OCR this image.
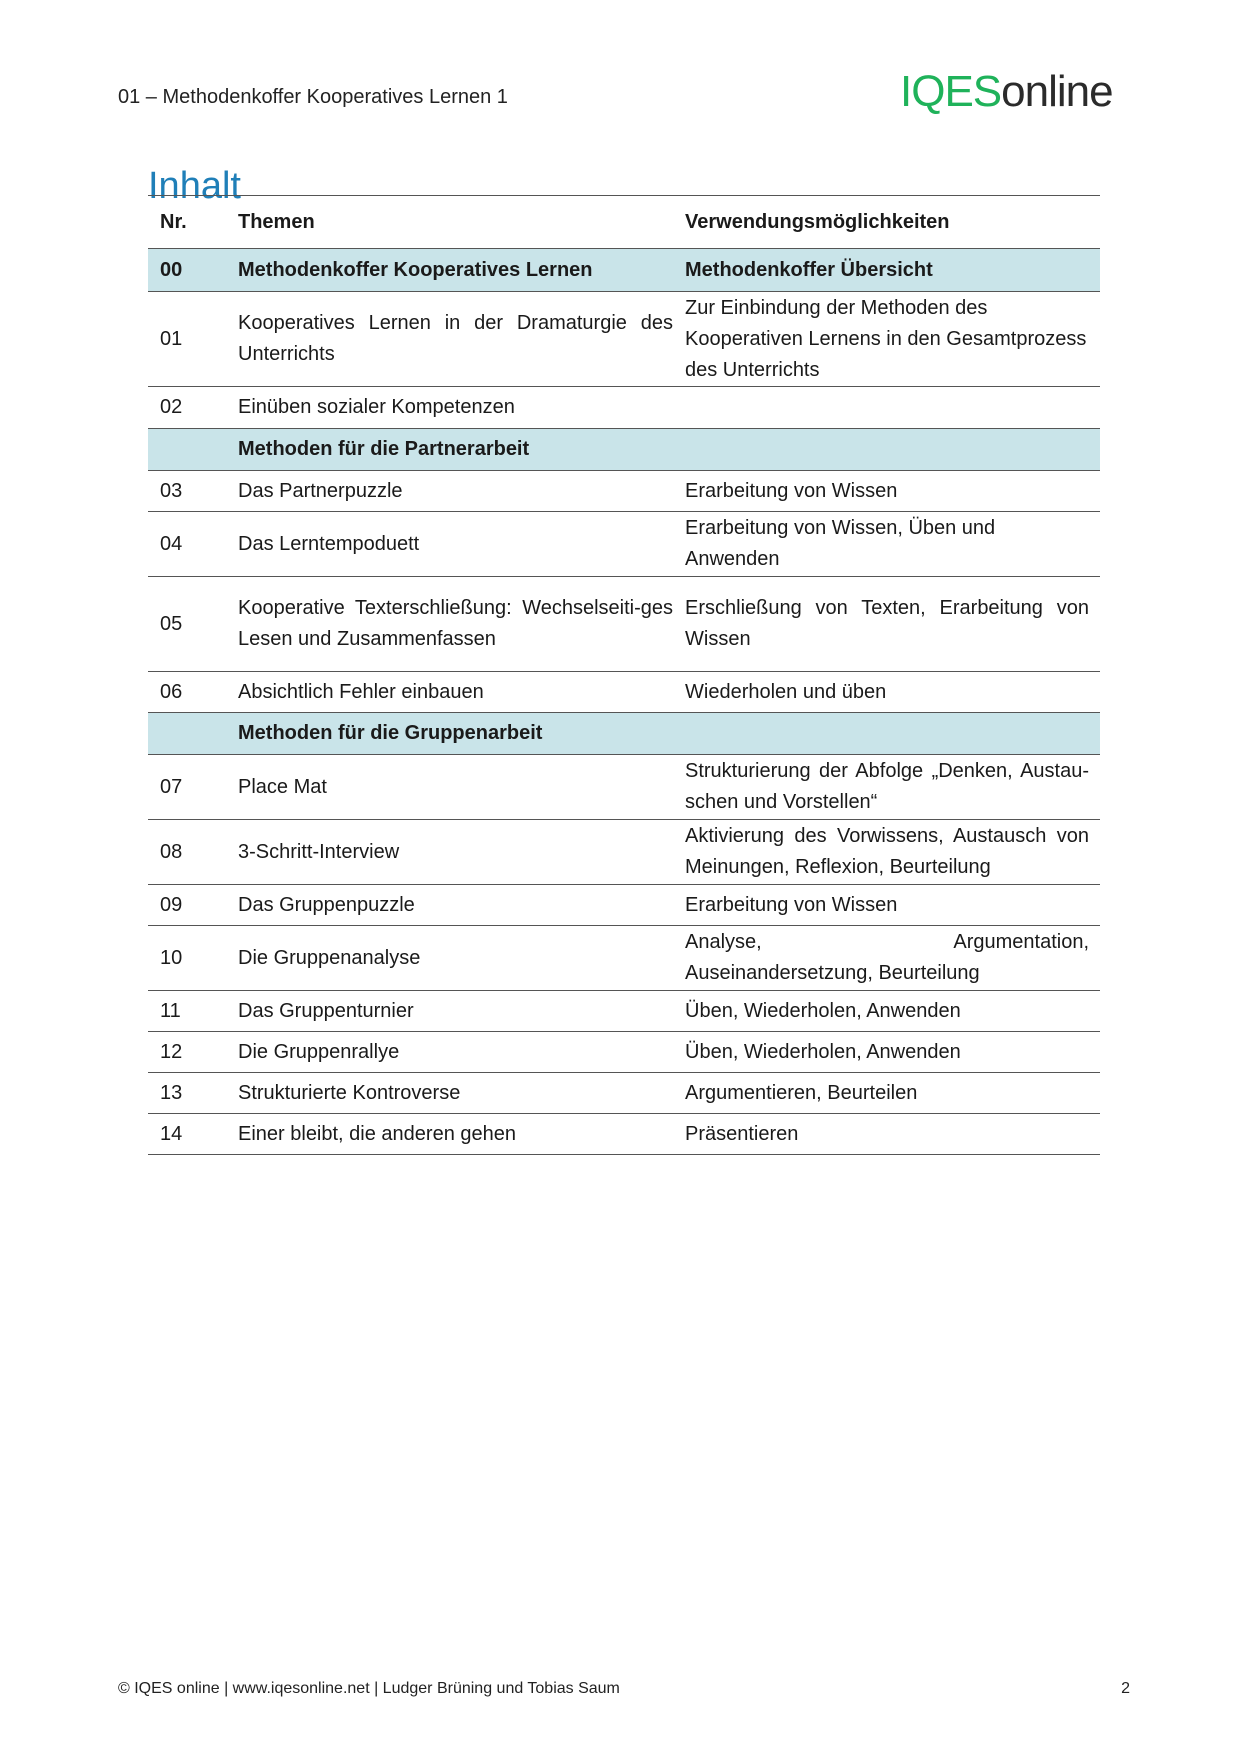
01 – Methodenkoffer Kooperatives Lernen 1	IQESonline
Inhalt
Nr.	Themen	Verwendungsmöglichkeiten
00	Methodenkoffer Kooperatives Lernen	Methodenkoffer Übersicht
01	Kooperatives Lernen in der Dramaturgie des Unterrichts	Zur Einbindung der Methoden des Kooperativen Lernens in den Gesamtprozess des Unterrichts
02	Einüben sozialer Kompetenzen	
	Methoden für die Partnerarbeit	
03	Das Partnerpuzzle	Erarbeitung von Wissen
04	Das Lerntempoduett	Erarbeitung von Wissen, Üben und Anwenden
05	Kooperative Texterschließung: Wechselseiti-ges Lesen und Zusammenfassen	Erschließung von Texten, Erarbeitung von Wissen
06	Absichtlich Fehler einbauen	Wiederholen und üben
	Methoden für die Gruppenarbeit	
07	Place Mat	Strukturierung der Abfolge „Denken, Austau-schen und Vorstellen“
08	3-Schritt-Interview	Aktivierung des Vorwissens, Austausch von Meinungen, Reflexion, Beurteilung
09	Das Gruppenpuzzle	Erarbeitung von Wissen
10	Die Gruppenanalyse	Analyse, Argumentation, Auseinandersetzung, Beurteilung
11	Das Gruppenturnier	Üben, Wiederholen, Anwenden
12	Die Gruppenrallye	Üben, Wiederholen, Anwenden
13	Strukturierte Kontroverse	Argumentieren, Beurteilen
14	Einer bleibt, die anderen gehen	Präsentieren
© IQES online | www.iqesonline.net | Ludger Brüning und Tobias Saum	2
